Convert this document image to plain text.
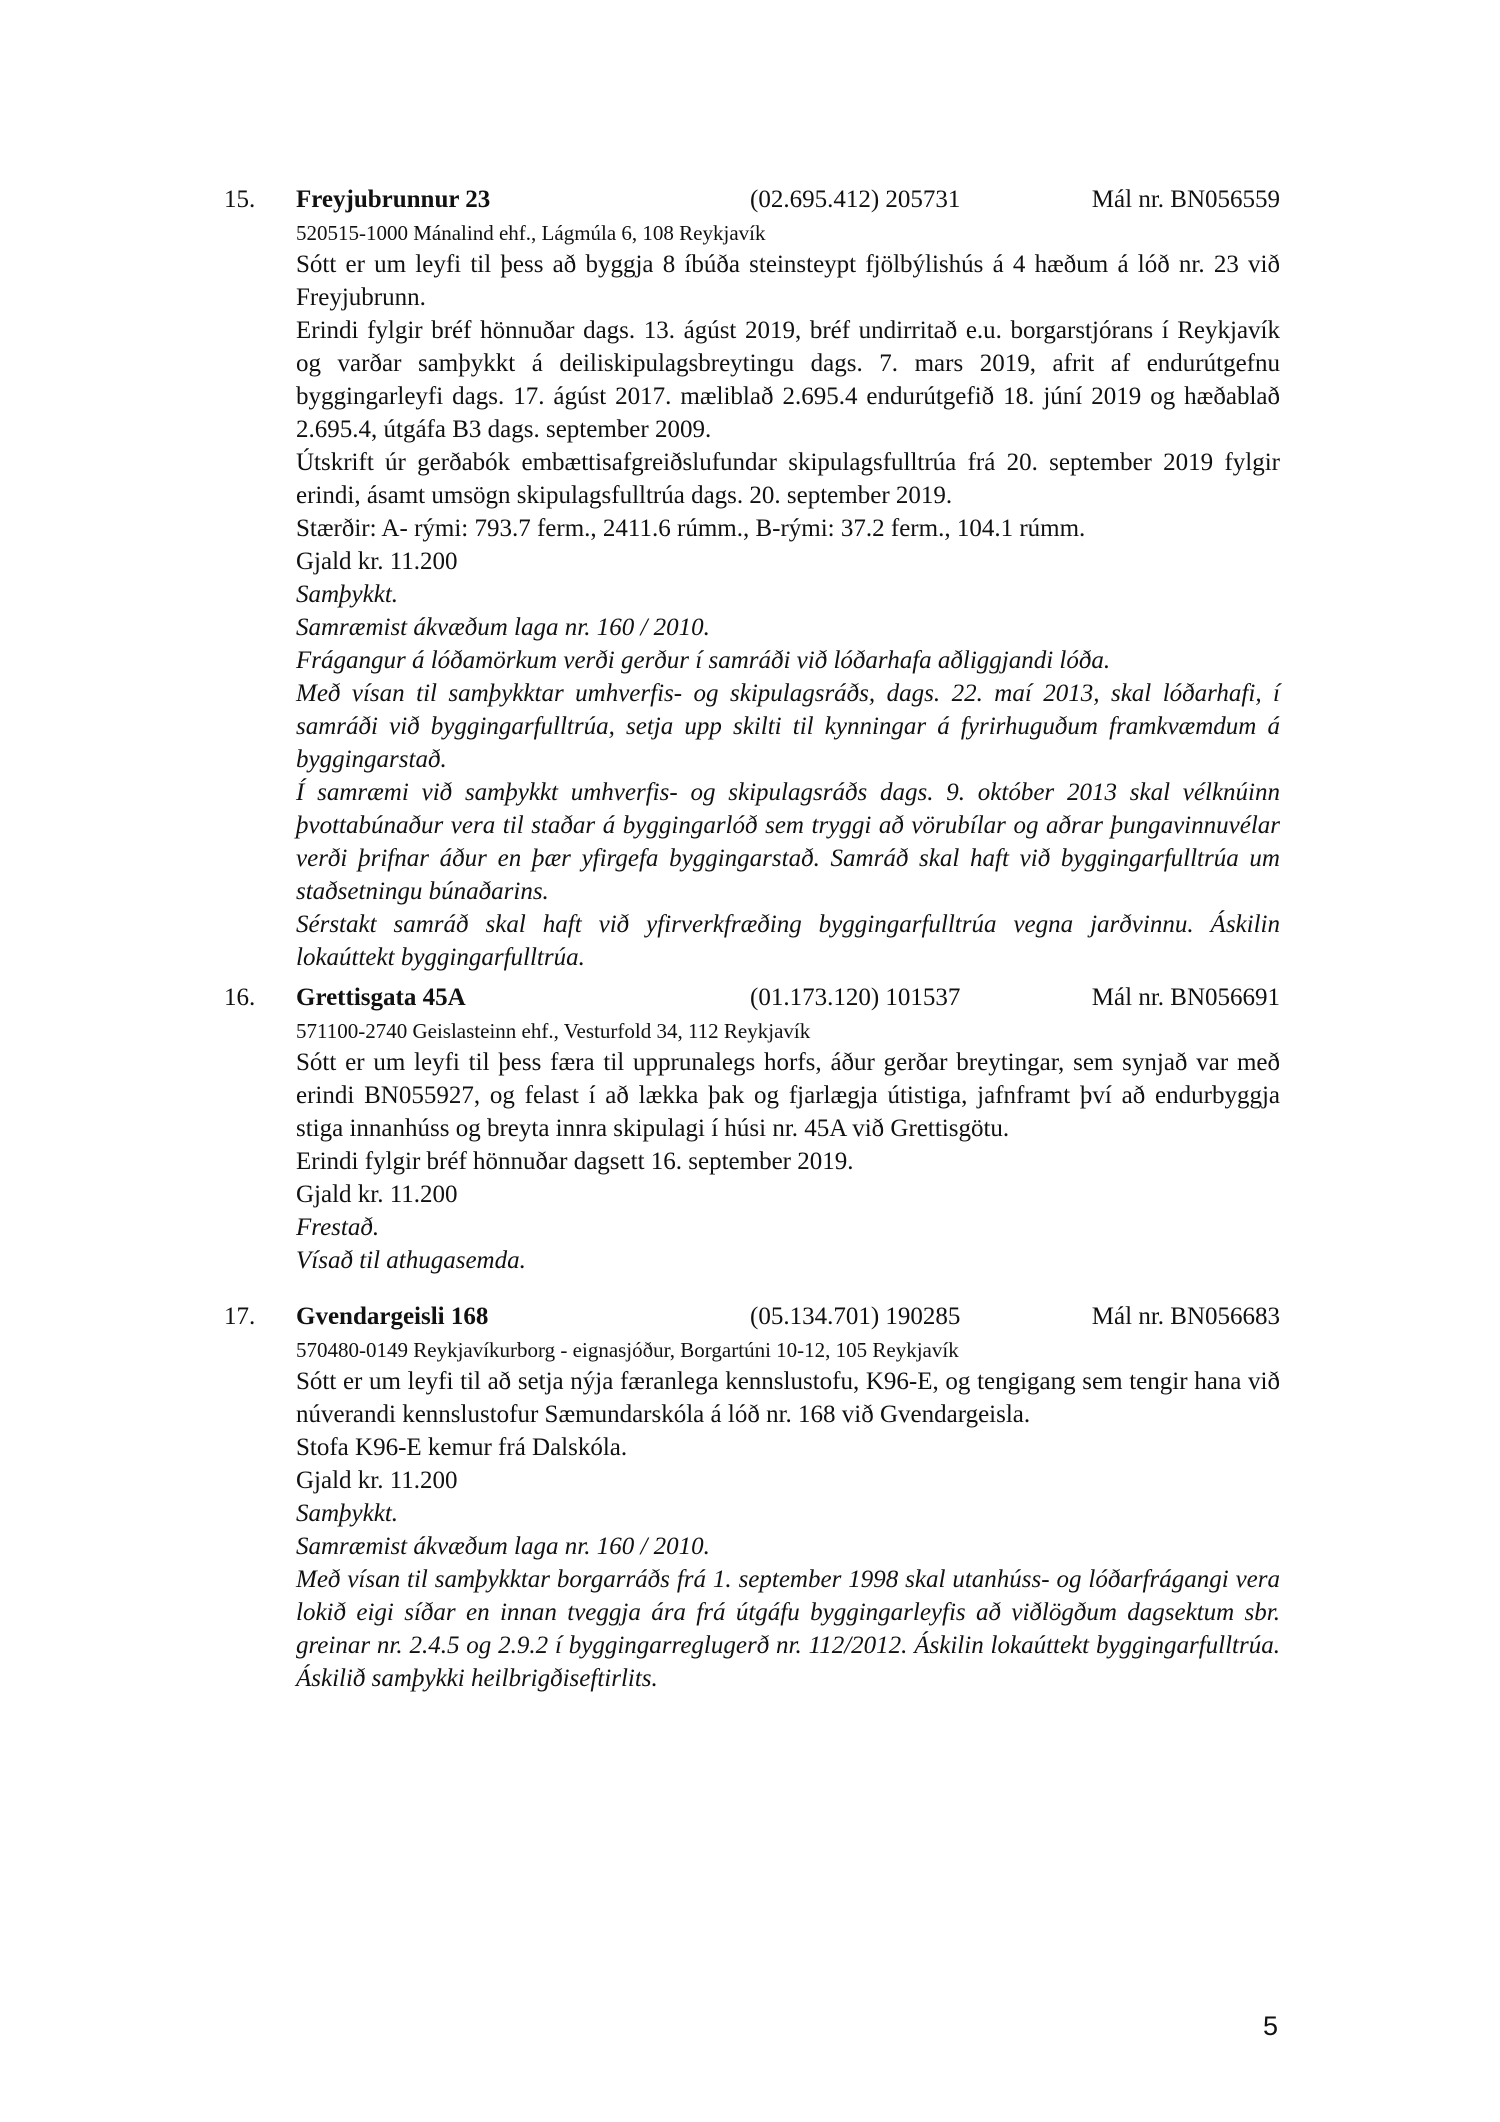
15. Freyjubrunnur 23	(02.695.412) 205731	Mál nr. BN056559
520515-1000 Mánalind ehf., Lágmúla 6, 108 Reykjavík
Sótt er um leyfi til þess að byggja 8 íbúða steinsteypt fjölbýlishús á 4 hæðum á lóð nr. 23 við Freyjubrunn.
Erindi fylgir bréf hönnuðar dags. 13. ágúst 2019, bréf undirritað e.u. borgarstjórans í Reykjavík og varðar samþykkt á deiliskipulagsbreytingu dags. 7. mars 2019, afrit af endurútgefnu byggingarleyfi dags. 17. ágúst 2017. mæliblað 2.695.4 endurútgefið 18. júní 2019 og hæðablað 2.695.4, útgáfa B3 dags. september 2009.
Útskrift úr gerðabók embættisafgreiðslufundar skipulagsfulltrúa frá 20. september 2019 fylgir erindi, ásamt umsögn skipulagsfulltrúa dags. 20. september 2019.
Stærðir: A- rými: 793.7 ferm., 2411.6 rúmm., B-rými: 37.2 ferm., 104.1 rúmm.
Gjald kr. 11.200
Samþykkt.
Samræmist ákvæðum laga nr. 160 / 2010.
Frágangur á lóðamörkum verði gerður í samráði við lóðarhafa aðliggjandi lóða.
Með vísan til samþykktar umhverfis- og skipulagsráðs, dags. 22. maí 2013, skal lóðarhafi, í samráði við byggingarfulltrúa, setja upp skilti til kynningar á fyrirhuguðum framkvæmdum á byggingarstað.
Í samræmi við samþykkt umhverfis- og skipulagsráðs dags. 9. október 2013 skal vélknúinn þvottabúnaður vera til staðar á byggingarlóð sem tryggi að vörubílar og aðrar þungavinnuvélar verði þrifnar áður en þær yfirgefa byggingarstað. Samráð skal haft við byggingarfulltrúa um staðsetningu búnaðarins.
Sérstakt samráð skal haft við yfirverkfræðing byggingarfulltrúa vegna jarðvinnu. Áskilin lokaúttekt byggingarfulltrúa.
16. Grettisgata 45A	(01.173.120) 101537	Mál nr. BN056691
571100-2740 Geislasteinn ehf., Vesturfold 34, 112 Reykjavík
Sótt er um leyfi til þess færa til upprunalegs horfs, áður gerðar breytingar, sem synjað var með erindi BN055927, og felast í að lækka þak og fjarlægja útistiga, jafnframt því að endurbyggja stiga innanhúss og breyta innra skipulagi í húsi nr. 45A við Grettisgötu.
Erindi fylgir bréf hönnuðar dagsett 16. september 2019.
Gjald kr. 11.200
Frestað.
Vísað til athugasemda.
17. Gvendargeisli 168	(05.134.701) 190285	Mál nr. BN056683
570480-0149 Reykjavíkurborg - eignasjóður, Borgartúni 10-12, 105 Reykjavík
Sótt er um leyfi til að setja nýja færanlega kennslustofu, K96-E, og tengigang sem tengir hana við núverandi kennslustofur Sæmundarskóla á lóð nr. 168 við Gvendargeisla.
Stofa K96-E kemur frá Dalskóla.
Gjald kr. 11.200
Samþykkt.
Samræmist ákvæðum laga nr. 160 / 2010.
Með vísan til samþykktar borgarráðs frá 1. september 1998 skal utanhúss- og lóðarfrágangi vera lokið eigi síðar en innan tveggja ára frá útgáfu byggingarleyfis að viðlögðum dagsektum sbr. greinar nr. 2.4.5 og 2.9.2 í byggingarreglugerð nr. 112/2012. Áskilin lokaúttekt byggingarfulltrúa. Áskilið samþykki heilbrigðiseftirlits.
5
